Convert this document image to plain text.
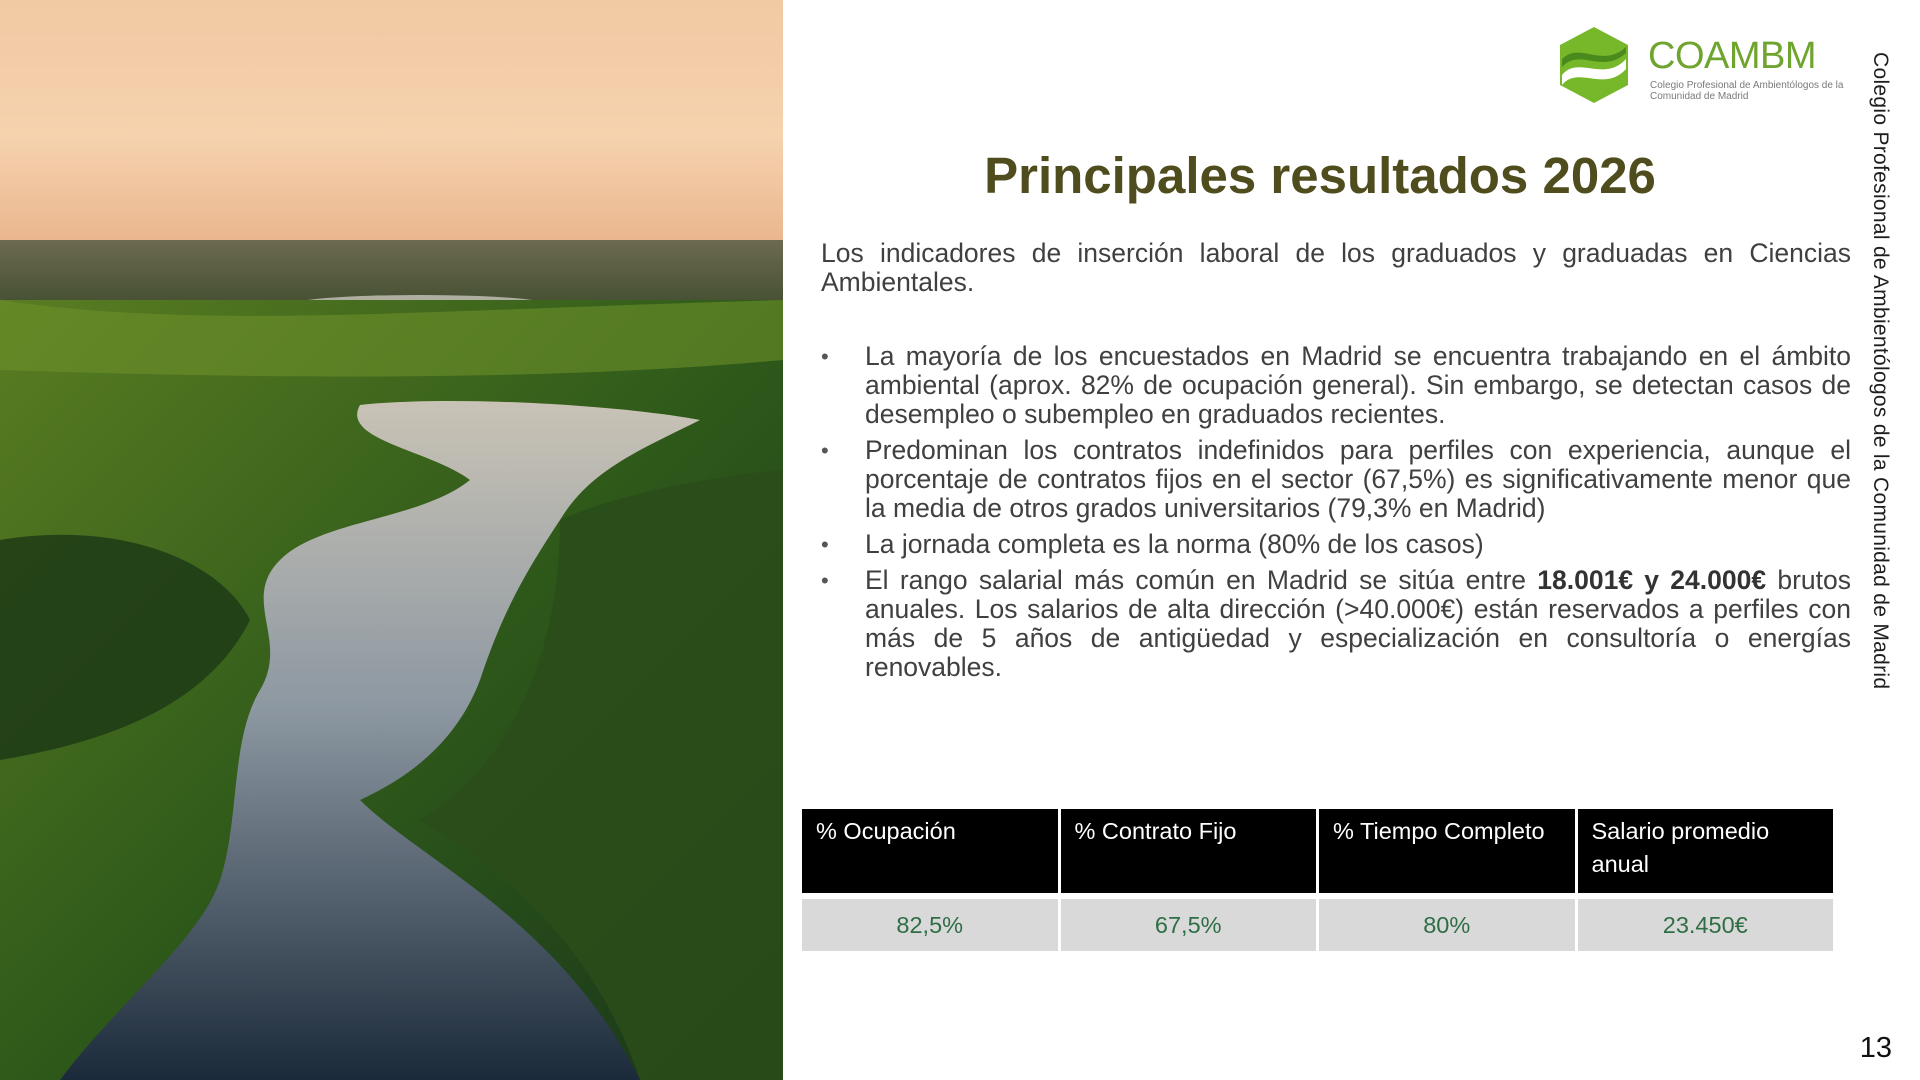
COAMBM
Colegio Profesional de Ambientólogos de la Comunidad de Madrid	Colegio Profesional de Ambientólogos de la Comunidad de Madrid
Principales resultados 2026
Los indicadores de inserción laboral de los graduados y graduadas en Ciencias Ambientales.
• La mayoría de los encuestados en Madrid se encuentra trabajando en el ámbito ambiental (aprox. 82% de ocupación general). Sin embargo, se detectan casos de desempleo o subempleo en graduados recientes.
• Predominan los contratos indefinidos para perfiles con experiencia, aunque el porcentaje de contratos fijos en el sector (67,5%) es significativamente menor que la media de otros grados universitarios (79,3% en Madrid)
• La jornada completa es la norma (80% de los casos)
• El rango salarial más común en Madrid se sitúa entre 18.001€ y 24.000€ brutos anuales. Los salarios de alta dirección (>40.000€) están reservados a perfiles con más de 5 años de antigüedad y especialización en consultoría o energías renovables.
% Ocupación	% Contrato Fijo	% Tiempo Completo	Salario promedio anual
82,5%	67,5%	80%	23.450€
13
